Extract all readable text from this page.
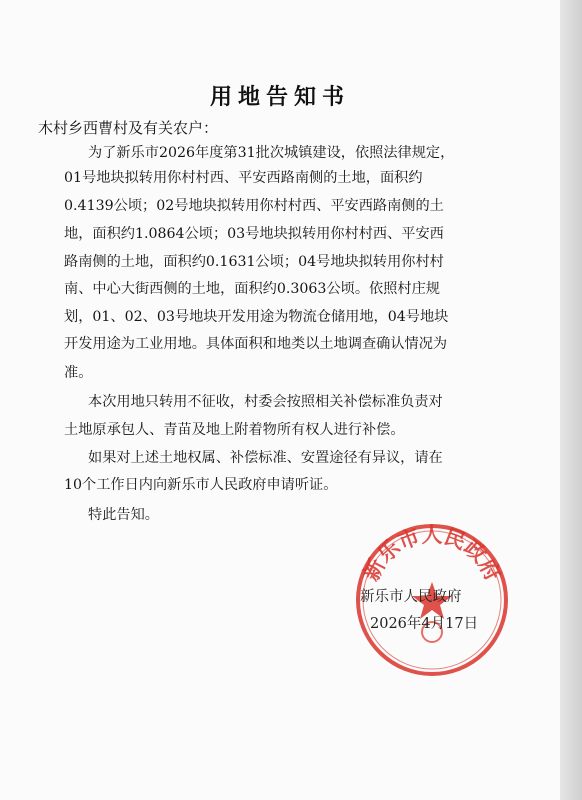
用地告知书
木村乡西曹村及有关农户：
为了新乐市2026年度第31批次城镇建设，依照法律规定，
01号地块拟转用你村村西、平安西路南侧的土地，面积约
0.4139公顷；02号地块拟转用你村村西、平安西路南侧的土
地，面积约1.0864公顷；03号地块拟转用你村村西、平安西
路南侧的土地，面积约0.1631公顷；04号地块拟转用你村村
南、中心大街西侧的土地，面积约0.3063公顷。依照村庄规
划，01、02、03号地块开发用途为物流仓储用地，04号地块
开发用途为工业用地。具体面积和地类以土地调查确认情况为
准。
本次用地只转用不征收，村委会按照相关补偿标准负责对
土地原承包人、青苗及地上附着物所有权人进行补偿。
如果对上述土地权属、补偿标准、安置途径有异议，请在
10个工作日内向新乐市人民政府申请听证。
特此告知。
新乐市人民政府
新乐市人民政府
2026年4月17日
